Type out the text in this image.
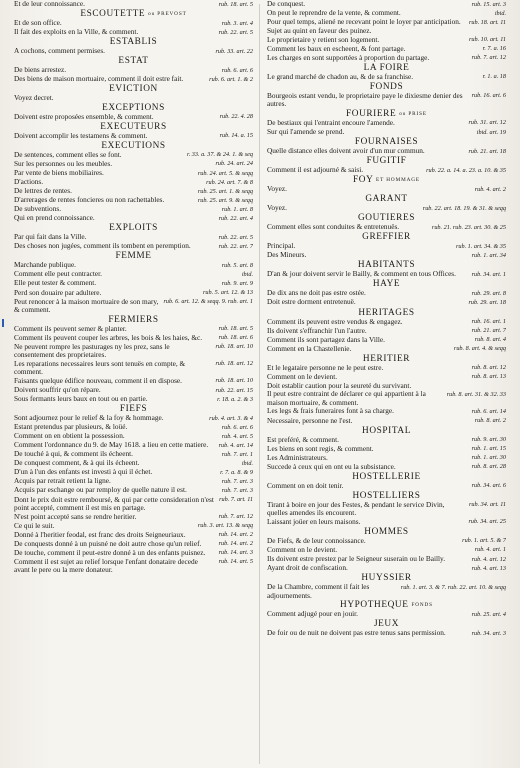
rub. 18. art. 5
Et de leur connoissance.
ESCOUTETTE ou PREVOST
rub. 3. art. 4
Et de son office.
rub. 22. art. 5
Il fait des exploits en la Ville, & comment.
ESTABLIS
rub. 33. art. 22
A cochons, comment permises.
ESTAT
rub. 6. art. 6
De biens arrestez.
rub. 6. art. 1. & 2
Des biens de maison mortuaire, comment il doit estre fait.
EVICTION
Voyez decret.
EXCEPTIONS
rub. 22. 4. 28
Doivent estre proposées ensemble, & comment.
EXECUTEURS
rub. 14. a. 15
Doivent accomplir les testamens & comment.
EXECUTIONS
r. 33. a. 37. & 24. 1. & seq
De sentences, comment elles se font.
rub. 24. art. 24
Sur les personnes ou les meubles.
rub. 24. art. 5. & seqq
Par vente de biens mobiliaires.
rub. 24. art. 7. & 8
D'actions.
rub. 25. art. 1. & seqq
De lettres de rentes.
rub. 25. art. 9. & seqq
D'arrerages de rentes foncieres ou non rachettables.
rub. 1. art. 8
De subventions.
rub. 22. art. 4
Qui en prend connoissance.
EXPLOITS
rub. 22. art. 5
Par qui fait dans la Ville.
rub. 22. art. 7
Des choses non jugées, comment ils tombent en peremption.
FEMME
rub. 5. art. 8
Marchande publique.
ibid.
Comment elle peut contracter.
rub. 9. art. 9
Elle peut tester & comment.
rub. 5. art. 12. & 13
Perd son douaire par adultere.
rub. 6. art. 12. & seqq. 9. rub. art. 1
Peut renoncer à la maison mortuaire de son mary, & comment.
FERMIERS
rub. 18. art. 5
Comment ils peuvent semer & planter.
rub. 18. art. 6
Comment ils peuvent couper les arbres, les bois & les haies, &c.
rub. 18. art. 10
Ne peuvent rompre les pasturages ny les prez, sans le consentement des proprietaires.
rub. 18. art. 12
Les reparations necessaires leurs sont tenuës en compte, & comment.
rub. 18. art. 10
Faisants quelque édifice nouveau, comment il en dispose.
rub. 22. art. 15
Doivent souffrir qu'on répare.
r. 18. a. 2. & 3
Sous fermants leurs baux en tout ou en partie.
FIEFS
rub. 4. art. 3. & 4
Sont adjournez pour le relief & la foy & hommage.
rub. 6. art. 6
Estant pretendus par plusieurs, & loüé.
rub. 4. art. 5
Comment on en obtient la possession.
rub. 4. art. 14
Comment l'ordonnance du 9. de May 1618. a lieu en cette matiere.
rub. 7. art. 1
De touché à qui, & comment ils écheent.
ibid.
De conquest comment, & à qui ils écheent.
r. 7. a. 8. & 9
D'un à l'un des enfants est investi à qui il échet.
rub. 7. art. 3
Acquis par retrait retient la ligne.
rub. 7. art. 3
Acquis par eschange ou par remploy de quelle nature il est.
rub. 7. art. 11
Dont le prix doit estre remboursé, & qui par cette consideration n'est point accepté, comment il est mis en partage.
rub. 7. art. 12
N'est point accepté sans se rendre heritier.
rub. 3. art. 13. & seqq
Ce qui le suit.
rub. 14. art. 2
Donné à l'heritier feodal, est franc des droits Seigneuriaux.
rub. 14. art. 2
De conquests donné à un puisné ne doit autre chose qu'un relief.
rub. 14. art. 3
De touche, comment il peut-estre donné à un des enfants puisnez.
rub. 14. art. 5
Comment il est sujet au relief lorsque l'enfant donataire decede avant le pere ou la mere donateur.
rub. 15. art. 3
De conquest.
ibid.
On peut le reprendre de la vente, & comment.
rub. 18. art. 11
Pour quel temps, aliené ne recevant point le loyer par anticipation.
Sujet au quint en faveur des puinez.
rub. 10. art. 11
Le proprietaire y retient son logement.
r. 7. a. 16
Comment les baux en escheent, & font partage.
rub. 7. art. 12
Les charges en sont supportées à proportion du partage.
LA FOIRE
r. 1. a. 18
Le grand marché de chadon au, & de sa franchise.
FONDS
rub. 16. art. 6
Bourgeois estant vendu, le proprietaire paye le dixiesme denier des autres.
FOURIERE ou PRISE
rub. 31. art. 12
De bestiaux qui l'entraint encoure l'amende.
ibid. art. 19
Sur qui l'amende se prend.
FOURNAISES
rub. 21. art. 18
Quelle distance elles doivent avoir d'un mur commun.
FUGITIF
rub. 22. a. 14. a. 23. a. 10. & 35
Comment il est adjourné & saisi.
FOY ET HOMMAGE
rub. 4. art. 2
Voyez.
GARANT
rub. 22. art. 18. 19. & 31. & seqq
Voyez.
GOUTIERES
rub. 21. rub. 23. art. 30. & 25
Comment elles sont conduites & entretenuës.
GREFFIER
rub. 1. art. 34. & 35
Principal.
rub. 1. art. 34
Des Mineurs.
HABITANTS
rub. 34. art. 1
D'an & jour doivent servir le Bailly, & comment en tous Offices.
HAYE
rub. 29. art. 8
De dix ans ne doit pas estre ostée.
rub. 29. art. 18
Doit estre dorment entretenuë.
HERITAGES
rub. 16. art. 1
Comment ils peuvent estre vendus & engagez.
rub. 21. art. 7
Ils doivent s'effranchir l'un l'autre.
rub. 8. art. 4
Comment ils sont partagez dans la Ville.
rub. 8. art. 4. & seqq
Comment en la Chastellenie.
HERITIER
rub. 8. art. 12
Et le legataire personne ne le peut estre.
rub. 8. art. 13
Comment on le devient.
Doit establir caution pour la seureté du survivant.
rub. 8. art. 31. & 32. 33
Il peut estre contraint de déclarer ce qui appartient à la maison mortuaire, & comment.
rub. 6. art. 14
Les legs & frais funeraires font à sa charge.
rub. 8. art. 2
Necessaire, personne ne l'est.
HOSPITAL
rub. 9. art. 30
Est preféré, & comment.
rub. 1. art. 15
Les biens en sont regis, & comment.
rub. 1. art. 30
Les Administrateurs.
rub. 8. art. 28
Succede à ceux qui en ont eu la subsistance.
HOSTELLERIE
rub. 34. art. 6
Comment on en doit tenir.
HOSTELLIERS
rub. 34. art. 11
Tirant à boire en jour des Festes, & pendant le service Divin, quelles amendes ils encourent.
rub. 34. art. 25
Laissant joüer en leurs maisons.
HOMMES
rub. 1. art. 5. & 7
De Fiefs, & de leur connoissance.
rub. 4. art. 1
Comment on le devient.
rub. 4. art. 12
Ils doivent estre prestez par le Seigneur suserain ou le Bailly.
rub. 4. art. 13
Ayant droit de confiscation.
HUYSSIER
rub. 1. art. 3. & 7. rub. 22. art. 10. & seqq
De la Chambre, comment il fait les adjournements.
HYPOTHEQUE FONDS
rub. 25. art. 4
Comment adjugé pour en jouir.
JEUX
rub. 34. art. 3
De foir ou de nuit ne doivent pas estre tenus sans permission.
